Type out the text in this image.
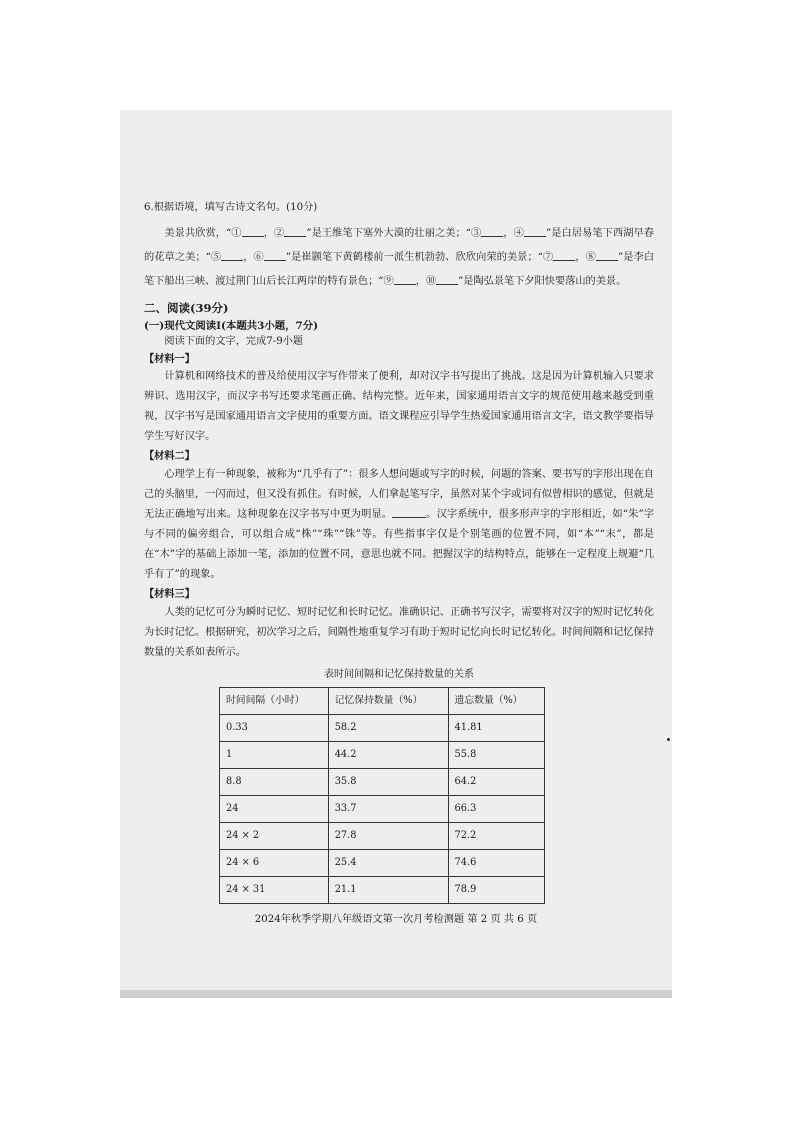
6.根据语境，填写古诗文名句。(10分)

美景共欣赏，“① ，② ”是王维笔下塞外大漠的壮丽之美；“③ ，④ ”是白居易笔下西湖早春的花草之美；“⑤ ，⑥ ”是崔颢笔下黄鹤楼前一派生机勃勃、欣欣向荣的美景；“⑦ ，⑧ ”是李白笔下船出三峡、渡过荆门山后长江两岸的特有景色；“⑨ ，⑩ ”是陶弘景笔下夕阳快要落山的美景。

二、阅读(39分)

(一)现代文阅读Ⅰ(本题共3小题，7分)

阅读下面的文字，完成7-9小题

【材料一】

计算机和网络技术的普及给使用汉字写作带来了便利，却对汉字书写提出了挑战。这是因为计算机输入只要求辨识、选用汉字，而汉字书写还要求笔画正确、结构完整。近年来，国家通用语言文字的规范使用越来越受到重视，汉字书写是国家通用语言文字使用的重要方面。语文课程应引导学生热爱国家通用语言文字，语文教学要指导学生写好汉字。

【材料二】

心理学上有一种现象，被称为“几乎有了”：很多人想问题或写字的时候，问题的答案、要书写的字形出现在自己的头脑里，一闪而过，但又没有抓住。有时候，人们拿起笔写字，虽然对某个字或词有似曾相识的感觉，但就是无法正确地写出来。这种现象在汉字书写中更为明显。	。汉字系统中，很多形声字的字形相近，如“朱”字与不同的偏旁组合，可以组合成“株”“珠”“铢”等。有些指事字仅是个别笔画的位置不同，如“本”“末”，都是在“木”字的基础上添加一笔，添加的位置不同，意思也就不同。把握汉字的结构特点，能够在一定程度上规避“几乎有了”的现象。

【材料三】

人类的记忆可分为瞬时记忆、短时记忆和长时记忆。准确识记、正确书写汉字，需要将对汉字的短时记忆转化为长时记忆。根据研究，初次学习之后，间隔性地重复学习有助于短时记忆向长时记忆转化。时间间隔和记忆保持数量的关系如表所示。

表时间间隔和记忆保持数量的关系

时间间隔（小时）	记忆保持数量（%）	遗忘数量（%）
0.33	58.2	41.81
1	44.2	55.8
8.8	35.8	64.2
24	33.7	66.3
24 × 2	27.8	72.2
24 × 6	25.4	74.6
24 × 31	21.1	78.9
2024年秋季学期八年级语文第一次月考检测题 第 2 页 共 6 页
